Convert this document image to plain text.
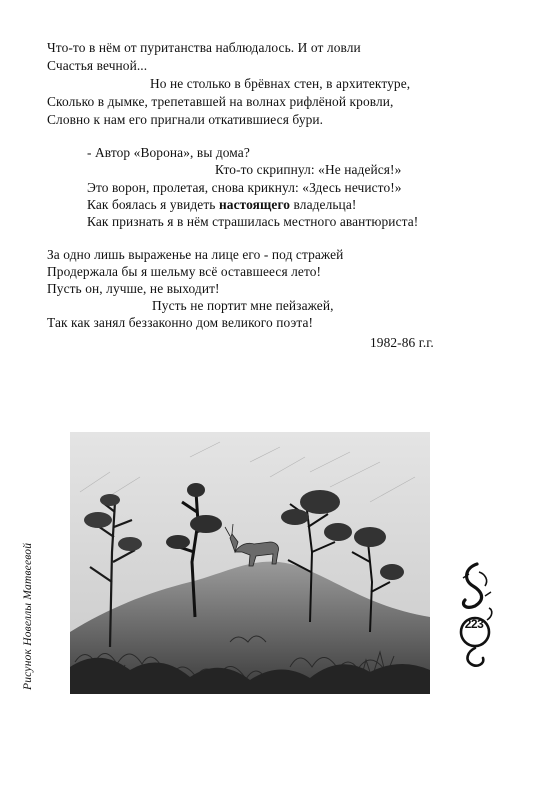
Что-то в нём от пуританства наблюдалось. И от ловли
Счастья вечной...
Но не столько в брёвнах стен, в архитектуре,
Сколько в дымке, трепетавшей на волнах рифлёной кровли,
Словно к нам его пригнали откатившиеся бури.
- Автор «Ворона», вы дома?
Кто-то скрипнул: «Не надейся!»
Это ворон, пролетая, снова крикнул: «Здесь нечисто!»
Как боялась я увидеть настоящего владельца!
Как признать я в нём страшилась местного авантюриста!
За одно лишь выраженье на лице его - под стражей
Продержала бы я шельму всё оставшееся лето!
Пусть он, лучше, не выходит!
Пусть не портит мне пейзажей,
Так как занял беззаконно дом великого поэта!
1982-86 г.г.
Рисунок Новеллы Матвеевой	223
